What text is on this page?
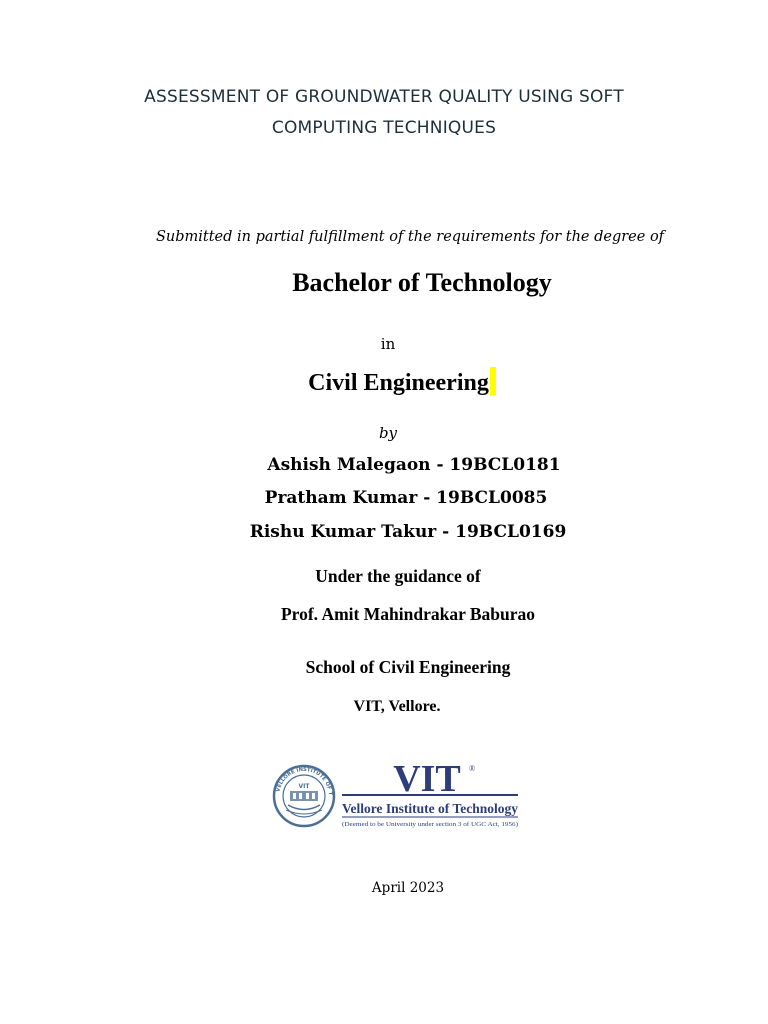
ASSESSMENT OF GROUNDWATER QUALITY USING SOFT
COMPUTING TECHNIQUES
Submitted in partial fulfillment of the requirements for the degree of
Bachelor of Technology
in
Civil Engineering
by
Ashish Malegaon - 19BCL0181
Pratham Kumar - 19BCL0085
Rishu Kumar Takur - 19BCL0169
Under the guidance of
Prof. Amit Mahindrakar Baburao
School of Civil Engineering
VIT, Vellore.
VELLORE INSTITUTE OF T
VIT VIT ®
Vellore Institute of Technology
(Deemed to be University under section 3 of UGC Act, 1956)
April 2023
